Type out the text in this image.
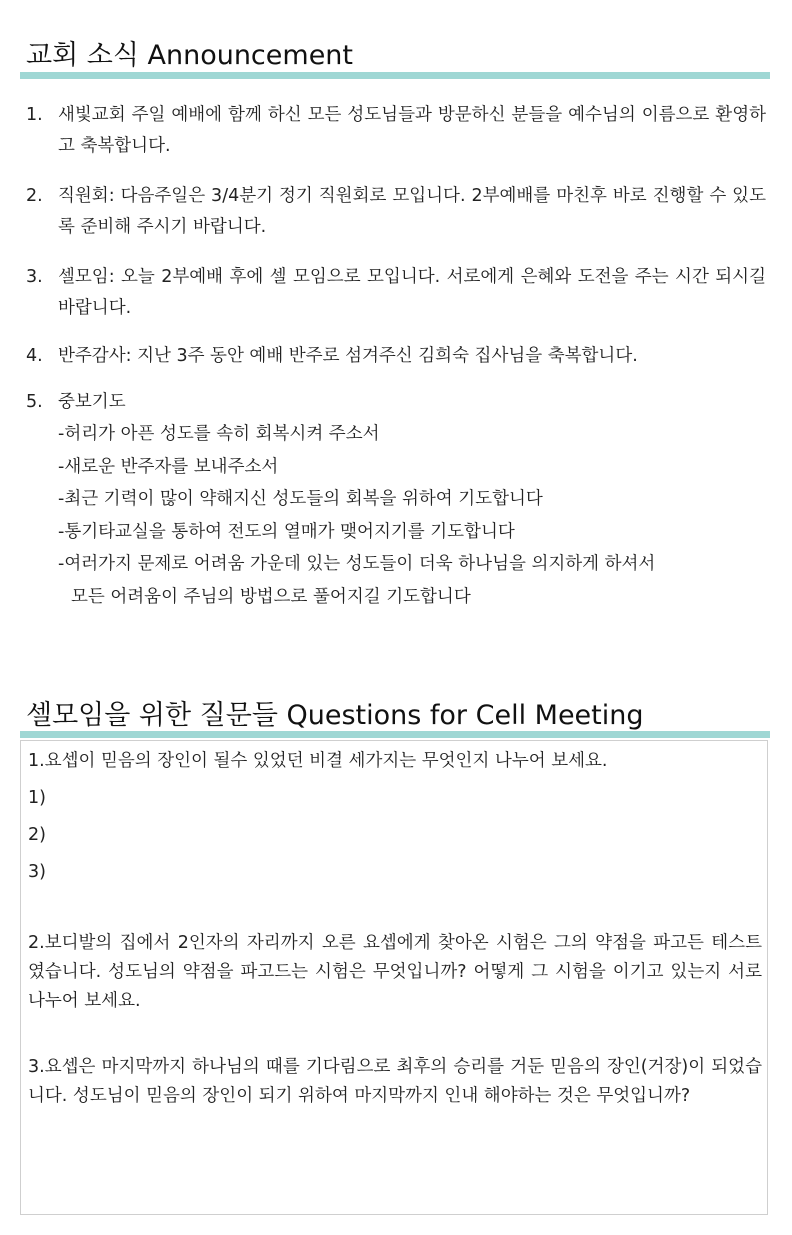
교회 소식 Announcement
1. 새빛교회 주일 예배에 함께 하신 모든 성도님들과 방문하신 분들을 예수님의 이름으로 환영하고 축복합니다.
2. 직원회: 다음주일은 3/4분기 정기 직원회로 모입니다. 2부예배를 마친후 바로 진행할 수 있도록 준비해 주시기 바랍니다.
3. 셀모임: 오늘 2부예배 후에 셀 모임으로 모입니다. 서로에게 은혜와 도전을 주는 시간 되시길 바랍니다.
4. 반주감사: 지난 3주 동안 예배 반주로 섬겨주신 김희숙 집사님을 축복합니다.
5. 중보기도
-허리가 아픈 성도를 속히 회복시켜 주소서
-새로운 반주자를 보내주소서
-최근 기력이 많이 약해지신 성도들의 회복을 위하여 기도합니다
-통기타교실을 통하여 전도의 열매가 맺어지기를 기도합니다
-여러가지 문제로 어려움 가운데 있는 성도들이 더욱 하나님을 의지하게 하셔서
모든 어려움이 주님의 방법으로 풀어지길 기도합니다
셀모임을 위한 질문들 Questions for Cell Meeting

1.요셉이 믿음의 장인이 될수 있었던 비결 세가지는 무엇인지 나누어 보세요.

1)

2)

3)

2.보디발의 집에서 2인자의 자리까지 오른 요셉에게 찾아온 시험은 그의 약점을 파고든 테스트 였습니다. 성도님의 약점을 파고드는 시험은 무엇입니까? 어떻게 그 시험을 이기고 있는지 서로 나누어 보세요.

3.요셉은 마지막까지 하나님의 때를 기다림으로 최후의 승리를 거둔 믿음의 장인(거장)이 되었습니다. 성도님이 믿음의 장인이 되기 위하여 마지막까지 인내 해야하는 것은 무엇입니까?
